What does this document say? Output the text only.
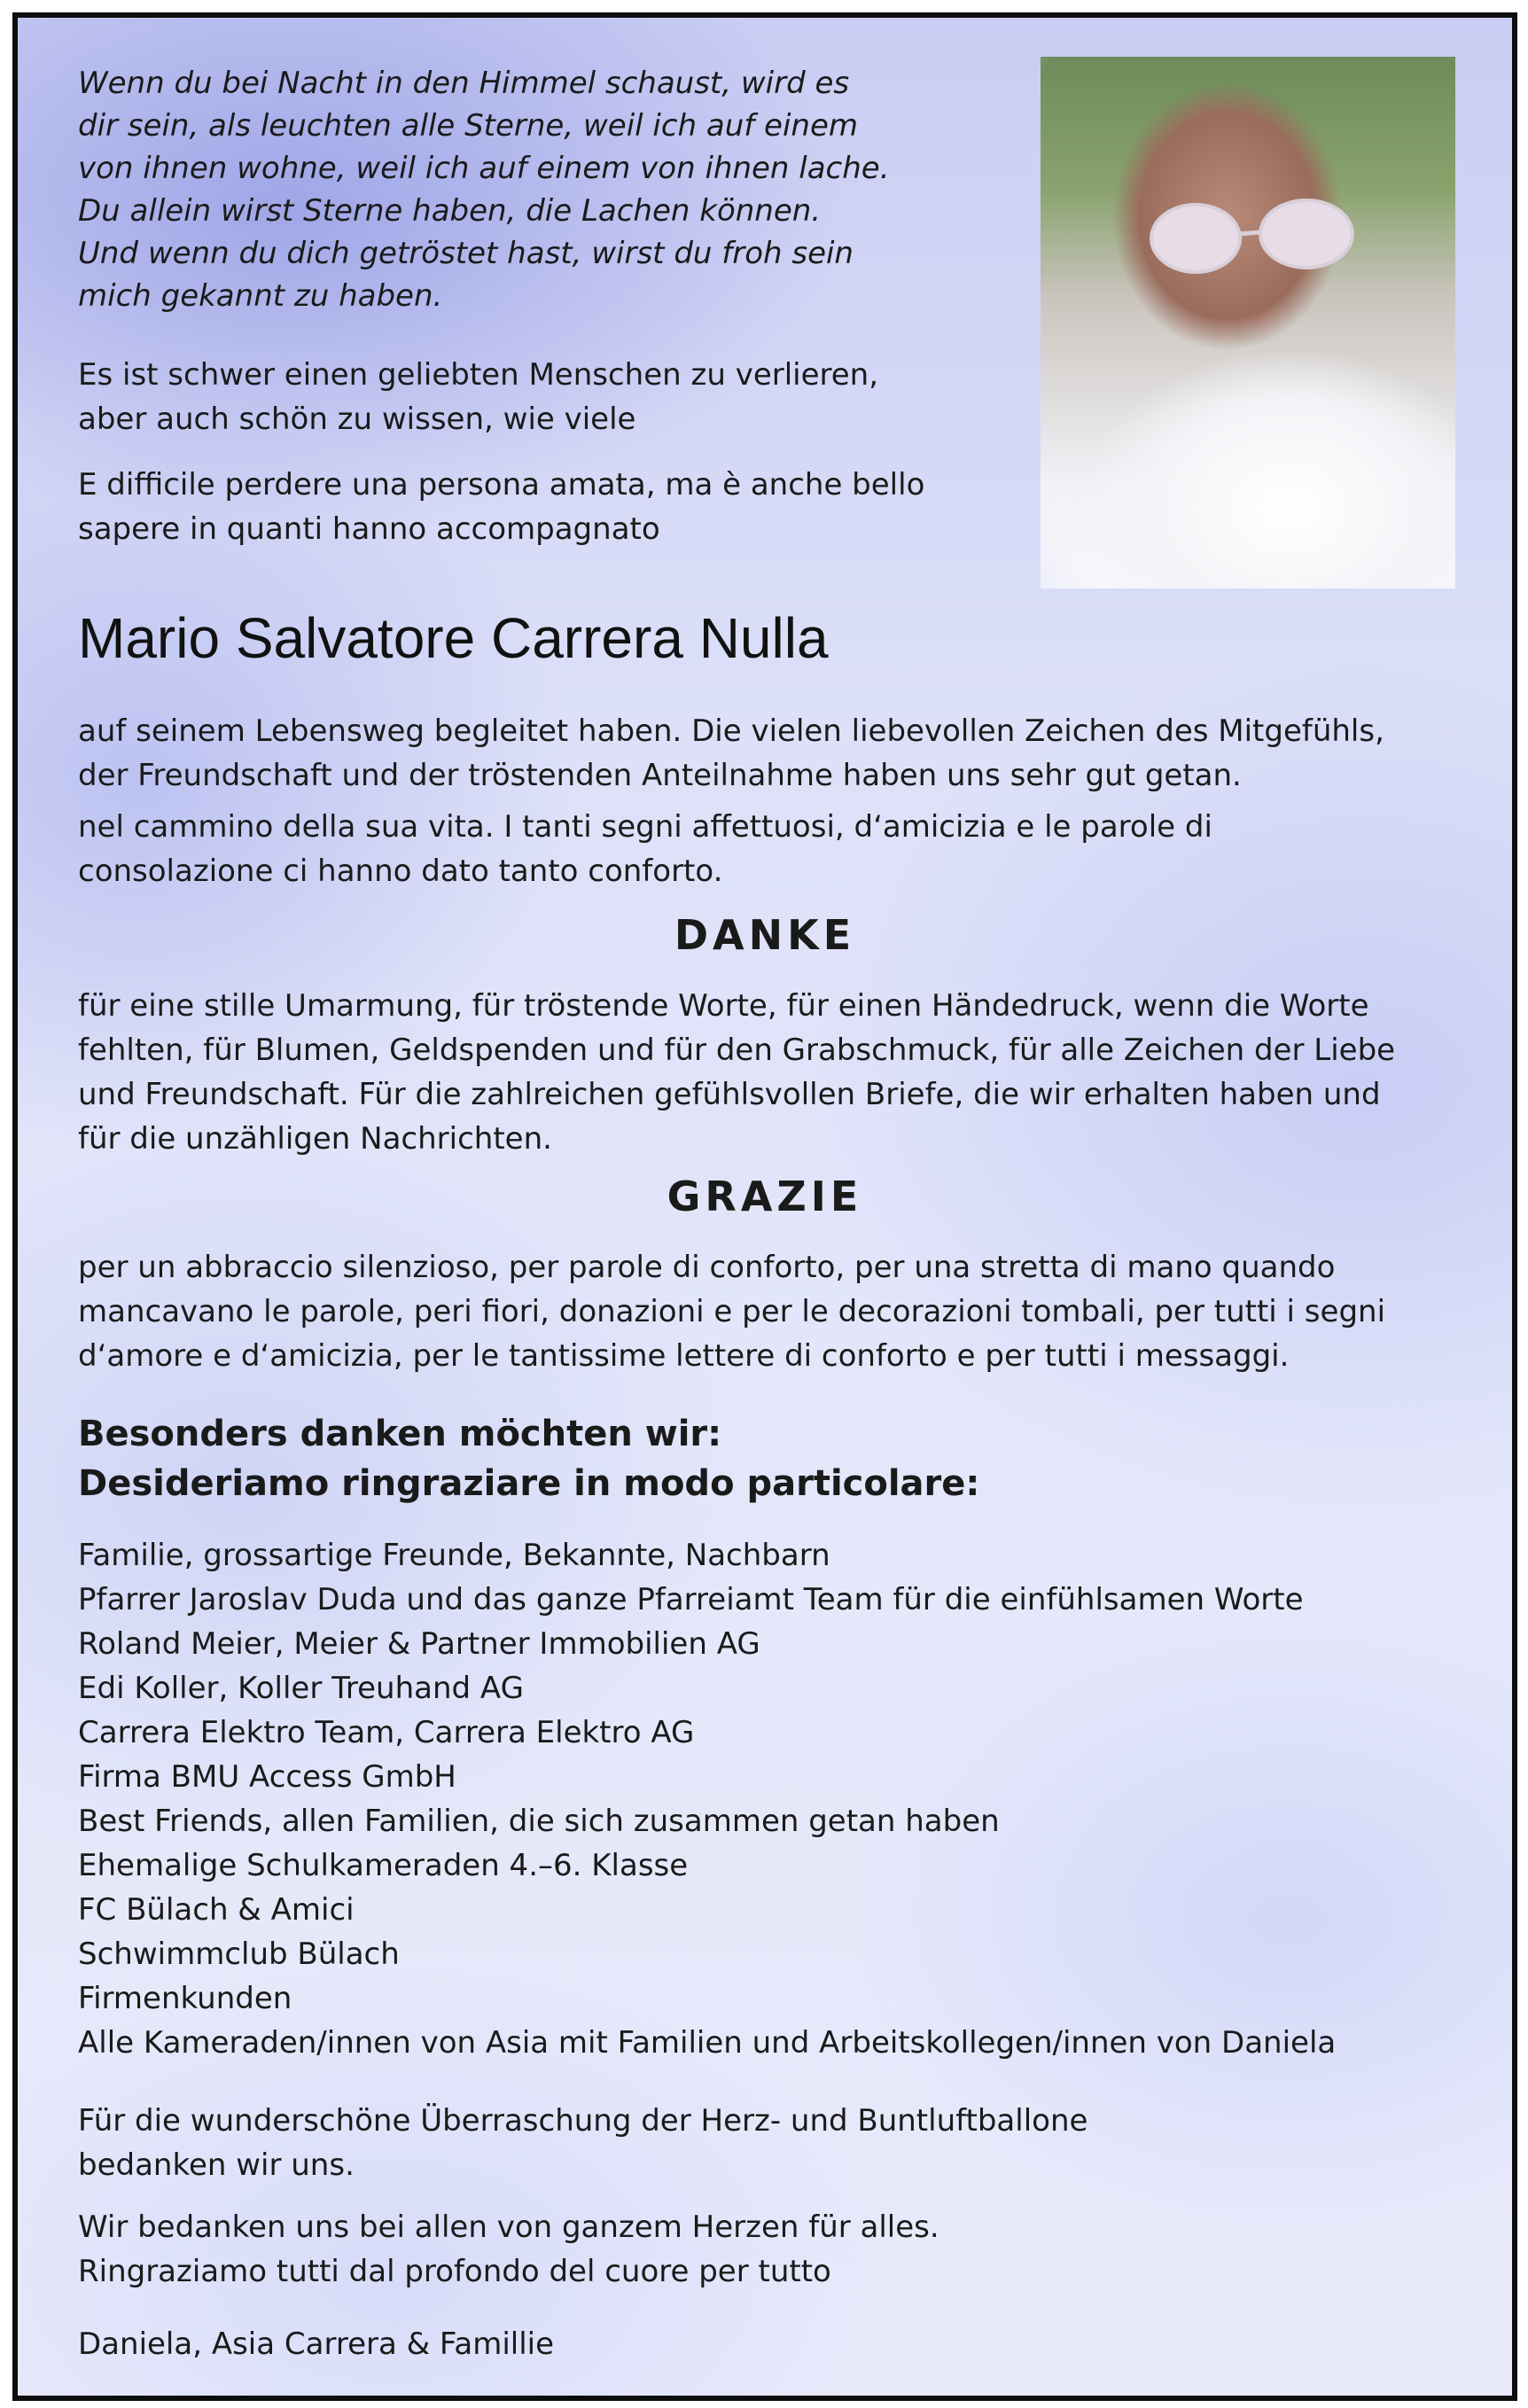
Wenn du bei Nacht in den Himmel schaust, wird es
dir sein, als leuchten alle Sterne, weil ich auf einem
von ihnen wohne, weil ich auf einem von ihnen lache.
Du allein wirst Sterne haben, die Lachen können.
Und wenn du dich getröstet hast, wirst du froh sein
mich gekannt zu haben.
Es ist schwer einen geliebten Menschen zu verlieren,
aber auch schön zu wissen, wie viele
E difficile perdere una persona amata, ma è anche bello
sapere in quanti hanno accompagnato
Mario Salvatore Carrera Nulla
auf seinem Lebensweg begleitet haben. Die vielen liebevollen Zeichen des Mitgefühls,
der Freundschaft und der tröstenden Anteilnahme haben uns sehr gut getan.
nel cammino della sua vita. I tanti segni affettuosi, d‘amicizia e le parole di
consolazione ci hanno dato tanto conforto.
DANKE
für eine stille Umarmung, für tröstende Worte, für einen Händedruck, wenn die Worte
fehlten, für Blumen, Geldspenden und für den Grabschmuck, für alle Zeichen der Liebe
und Freundschaft. Für die zahlreichen gefühlsvollen Briefe, die wir erhalten haben und
für die unzähligen Nachrichten.
GRAZIE
per un abbraccio silenzioso, per parole di conforto, per una stretta di mano quando
mancavano le parole, peri fiori, donazioni e per le decorazioni tombali, per tutti i segni
d‘amore e d‘amicizia, per le tantissime lettere di conforto e per tutti i messaggi.
Besonders danken möchten wir:
Desideriamo ringraziare in modo particolare:
Familie, grossartige Freunde, Bekannte, Nachbarn
Pfarrer Jaroslav Duda und das ganze Pfarreiamt Team für die einfühlsamen Worte
Roland Meier, Meier & Partner Immobilien AG
Edi Koller, Koller Treuhand AG
Carrera Elektro Team, Carrera Elektro AG
Firma BMU Access GmbH
Best Friends, allen Familien, die sich zusammen getan haben
Ehemalige Schulkameraden 4.–6. Klasse
FC Bülach & Amici
Schwimmclub Bülach
Firmenkunden
Alle Kameraden/innen von Asia mit Familien und Arbeitskollegen/innen von Daniela
Für die wunderschöne Überraschung der Herz- und Buntluftballone
bedanken wir uns.
Wir bedanken uns bei allen von ganzem Herzen für alles.
Ringraziamo tutti dal profondo del cuore per tutto
Daniela, Asia Carrera & Famillie
